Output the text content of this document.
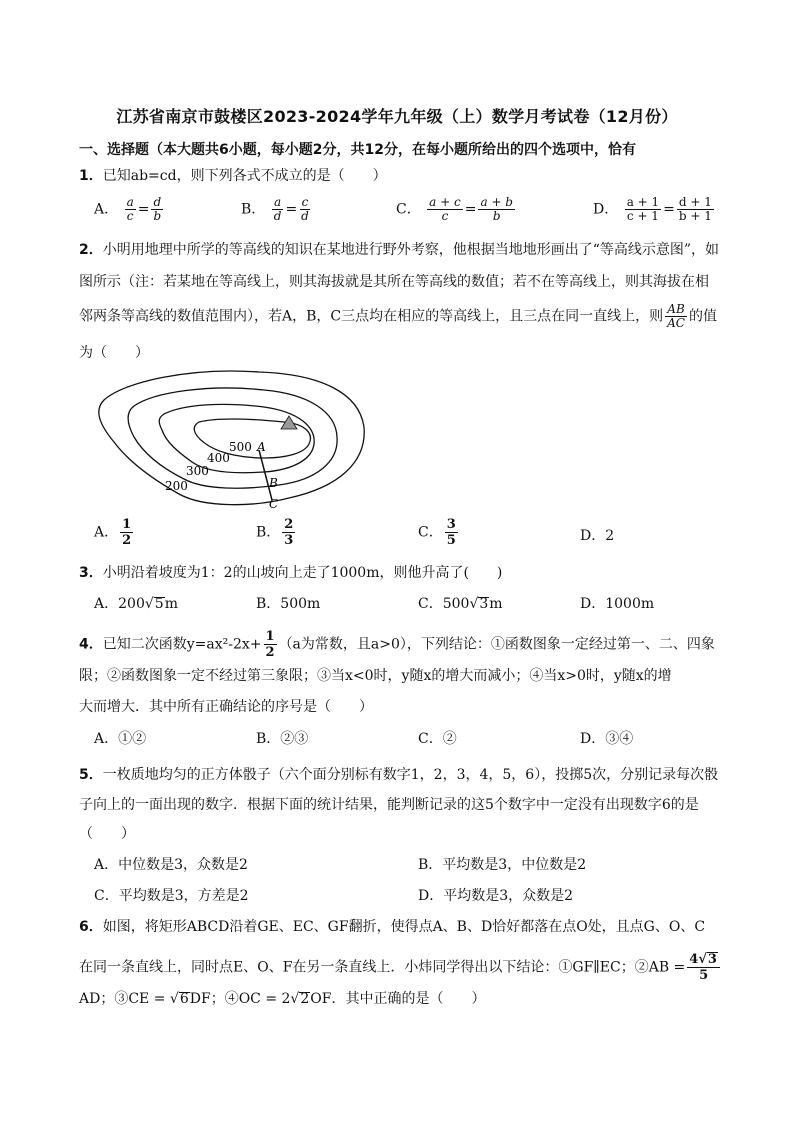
江苏省南京市鼓楼区2023-2024学年九年级（上）数学月考试卷（12月份）
一、选择题（本大题共6小题，每小题2分，共12分，在每小题所给出的四个选项中，恰有
1．已知ab=cd，则下列各式不成立的是（　　）
A． $\frac{a}{c} = \frac{d}{b}$	B． $\frac{a}{d} = \frac{c}{d}$	C． $\frac{a + c}{c} = \frac{a + b}{b}$	D． $\frac{a + 1}{c + 1} = \frac{d + 1}{b + 1}$
2．小明用地理中所学的等高线的知识在某地进行野外考察，他根据当地地形画出了“等高线示意图”，如
图所示（注：若某地在等高线上，则其海拔就是其所在等高线的数值；若不在等高线上，则其海拔在相
邻两条等高线的数值范围内），若A，B，C三点均在相应的等高线上，且三点在同一直线上，则 $\frac{AB}{AC}$ 的值
为（　　）
500 A
400
300
B
200
C
A． $\frac{1}{2}$	B． $\frac{2}{3}$	C． $\frac{3}{5}$	D．2
3．小明沿着坡度为1：2的山坡向上走了1000m，则他升高了(　　)
A．200√5m	B．500m	C．500√3m	D．1000m
4．已知二次函数$y=ax^2-2x+ \frac{1}{2} (a$为常数，且a>0），下列结论：①函数图象一定经过第一、二、四象
限；②函数图象一定不经过第三象限；③当x<0时，y随x的增大而减小；④当x>0时，y随x的增
大而增大．其中所有正确结论的序号是（　　）
A．①②	B．②③	C．②	D．③④
5．一枚质地均匀的正方体骰子（六个面分别标有数字1，2，3，4，5，6），投掷5次，分别记录每次骰
子向上的一面出现的数字．根据下面的统计结果，能判断记录的这5个数字中一定没有出现数字6的是
（　　）
A．中位数是3，众数是2	B．平均数是3，中位数是2
C．平均数是3，方差是2	D．平均数是3，众数是2
6．如图，将矩形ABCD沿着GE、EC、GF翻折，使得点A、B、D恰好都落在点O处，且点G、O、C
在同一条直线上，同时点E、O、F在另一条直线上．小炜同学得出以下结论：①GF∥EC；②AB = $\frac{4√3}{5}$
AD；③CE = √6DF；④OC = 2√2OF．其中正确的是（　　）
